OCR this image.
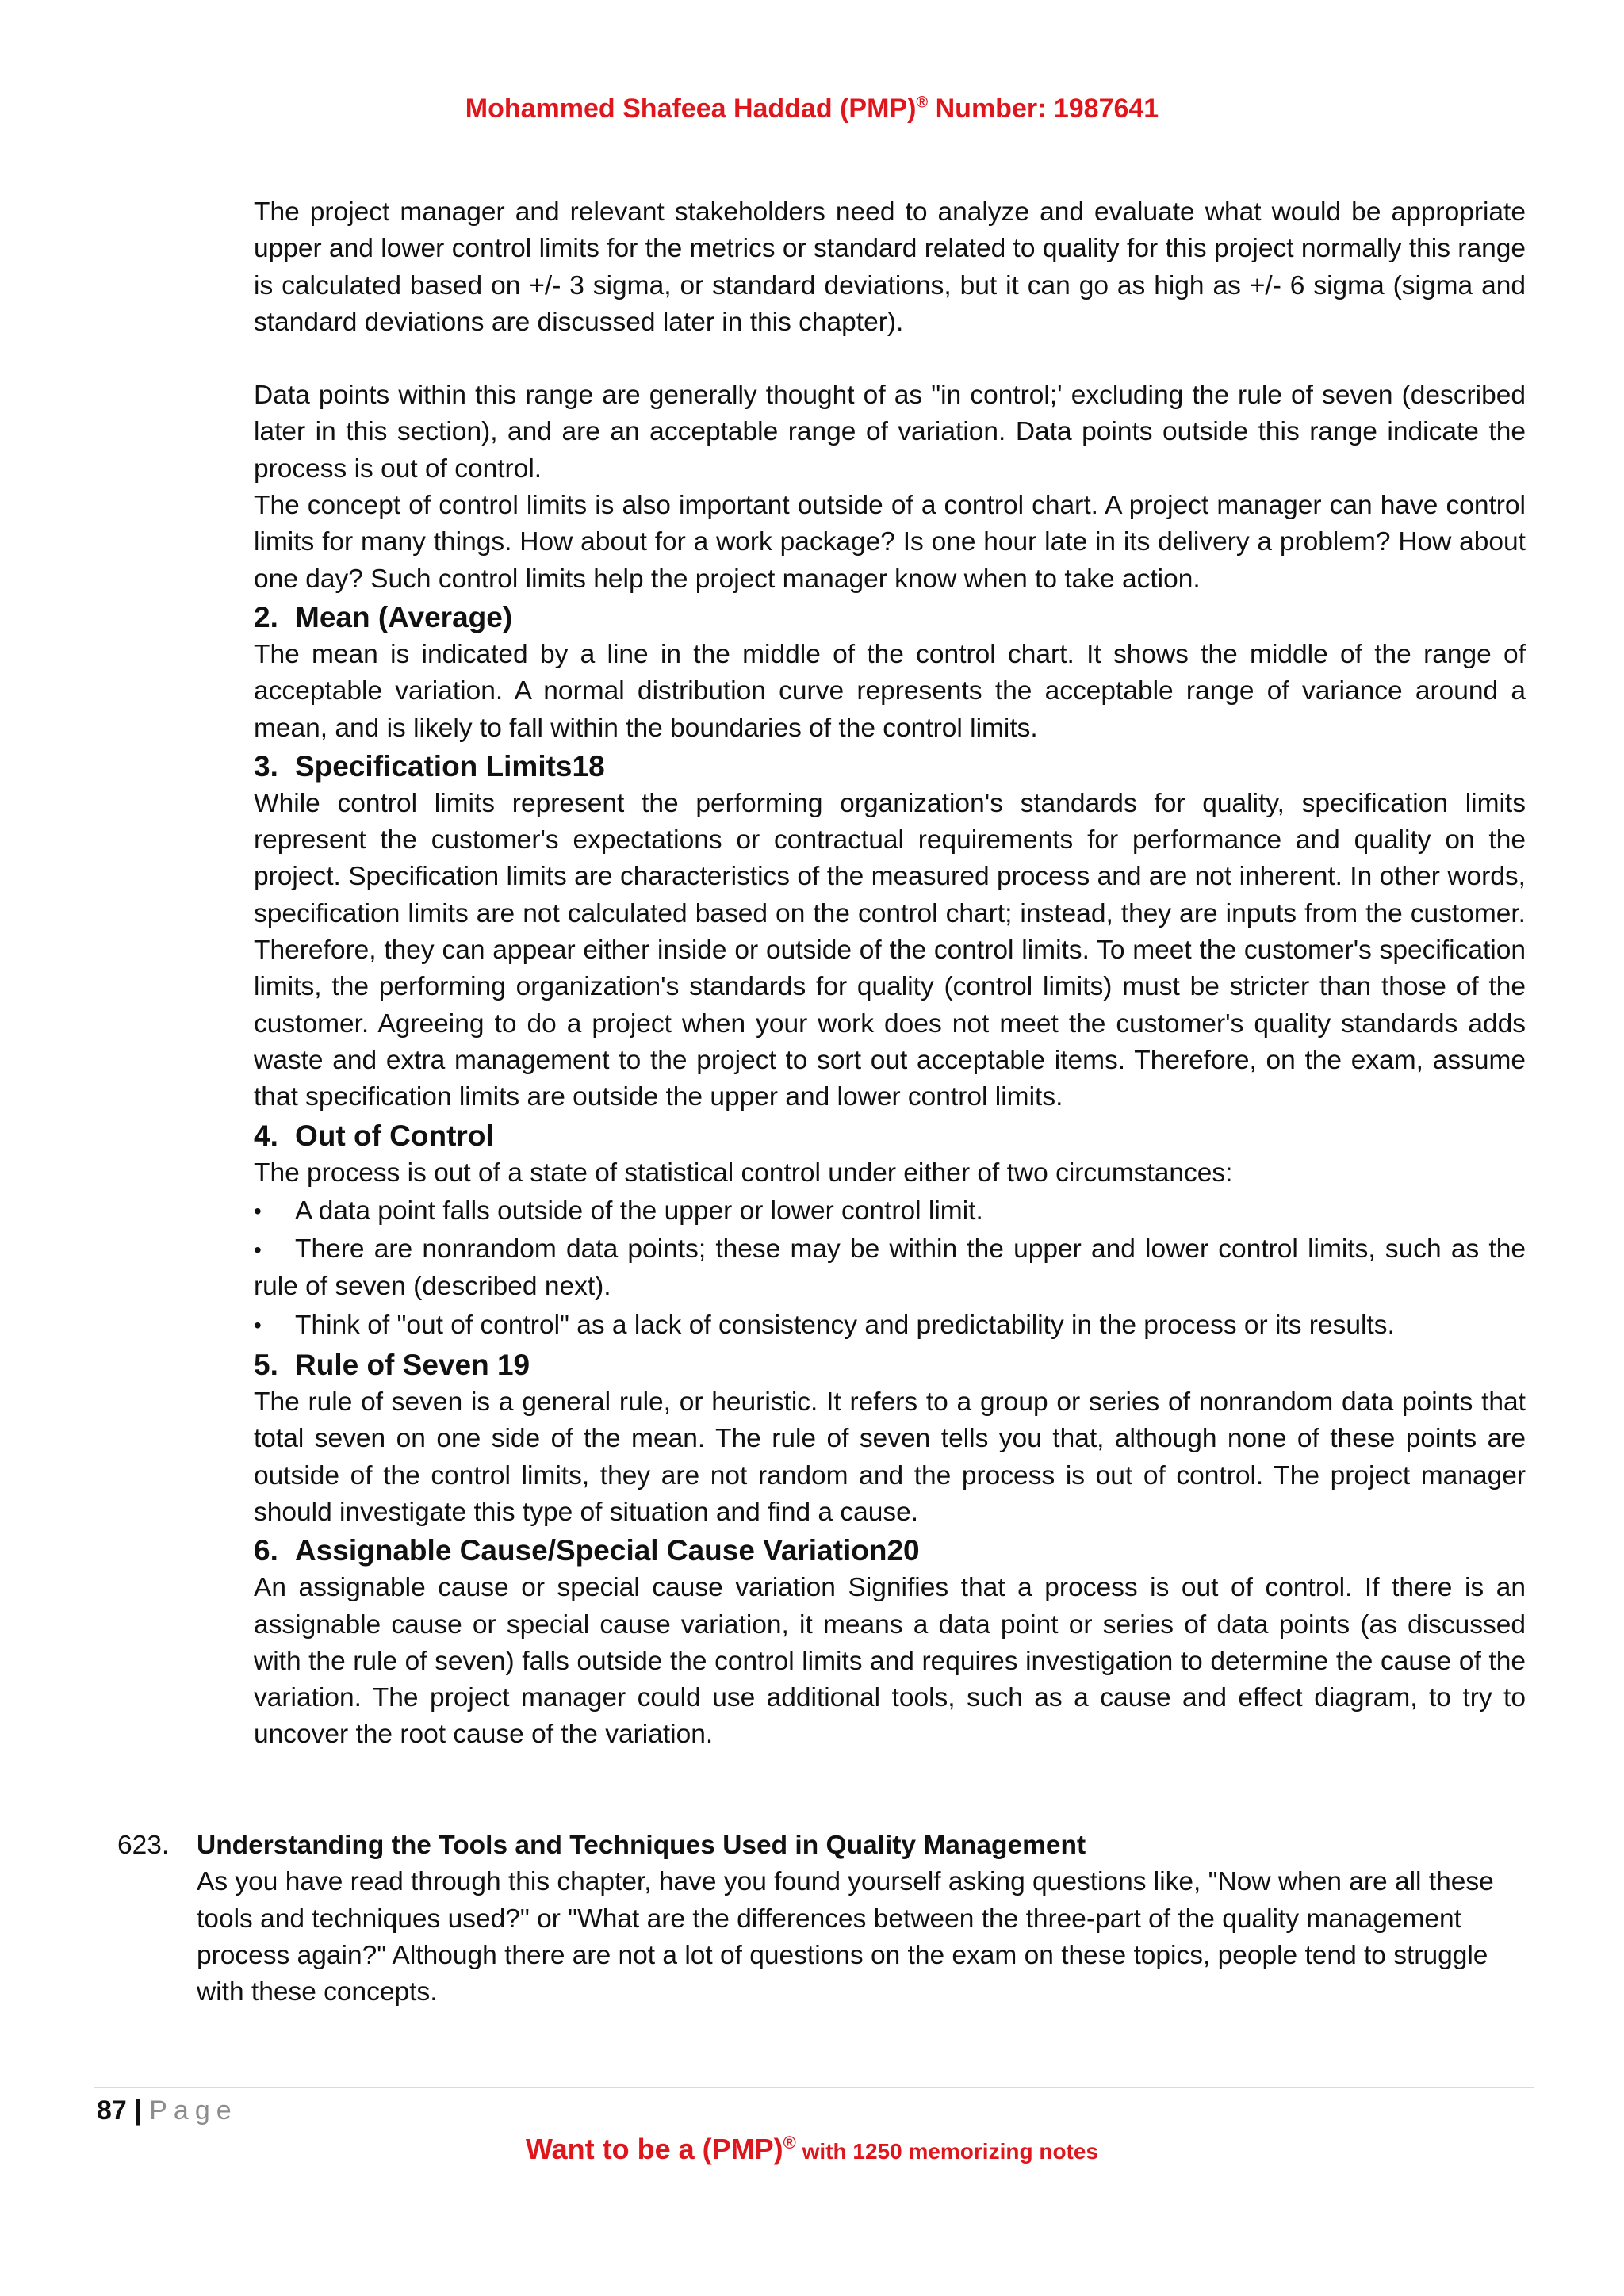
Mohammed Shafeea Haddad (PMP)® Number: 1987641

The project manager and relevant stakeholders need to analyze and evaluate what would be appropriate upper and lower control limits for the metrics or standard related to quality for this project normally this range is calculated based on +/- 3 sigma, or standard deviations, but it can go as high as +/- 6 sigma (sigma and standard deviations are discussed later in this chapter).

Data points within this range are generally thought of as "in control;' excluding the rule of seven (described later in this section), and are an acceptable range of variation. Data points outside this range indicate the process is out of control.

The concept of control limits is also important outside of a control chart. A project manager can have control limits for many things. How about for a work package? Is one hour late in its delivery a problem? How about one day? Such control limits help the project manager know when to take action.

2. Mean (Average)

The mean is indicated by a line in the middle of the control chart. It shows the middle of the range of acceptable variation. A normal distribution curve represents the acceptable range of variance around a mean, and is likely to fall within the boundaries of the control limits.

3. Specification Limits18

While control limits represent the performing organization's standards for quality, specification limits represent the customer's expectations or contractual requirements for performance and quality on the project. Specification limits are characteristics of the measured process and are not inherent. In other words, specification limits are not calculated based on the control chart; instead, they are inputs from the customer. Therefore, they can appear either inside or outside of the control limits. To meet the customer's specification limits, the performing organization's standards for quality (control limits) must be stricter than those of the customer. Agreeing to do a project when your work does not meet the customer's quality standards adds waste and extra management to the project to sort out acceptable items. Therefore, on the exam, assume that specification limits are outside the upper and lower control limits.

4. Out of Control

The process is out of a state of statistical control under either of two circumstances:

•	A data point falls outside of the upper or lower control limit.
• There are nonrandom data points; these may be within the upper and lower control limits, such as the rule of seven (described next).
•	Think of "out of control" as a lack of consistency and predictability in the process or its results.
5. Rule of Seven 19

The rule of seven is a general rule, or heuristic. It refers to a group or series of nonrandom data points that total seven on one side of the mean. The rule of seven tells you that, although none of these points are outside of the control limits, they are not random and the process is out of control. The project manager should investigate this type of situation and find a cause.

6. Assignable Cause/Special Cause Variation20

An assignable cause or special cause variation Signifies that a process is out of control. If there is an assignable cause or special cause variation, it means a data point or series of data points (as discussed with the rule of seven) falls outside the control limits and requires investigation to determine the cause of the variation. The project manager could use additional tools, such as a cause and effect diagram, to try to uncover the root cause of the variation.

623. Understanding the Tools and Techniques Used in Quality Management
As you have read through this chapter, have you found yourself asking questions like, "Now when are all these tools and techniques used?" or "What are the differences between the three-part of the quality management process again?" Although there are not a lot of questions on the exam on these topics, people tend to struggle with these concepts.
87 | Page
Want to be a (PMP)® with 1250 memorizing notes
